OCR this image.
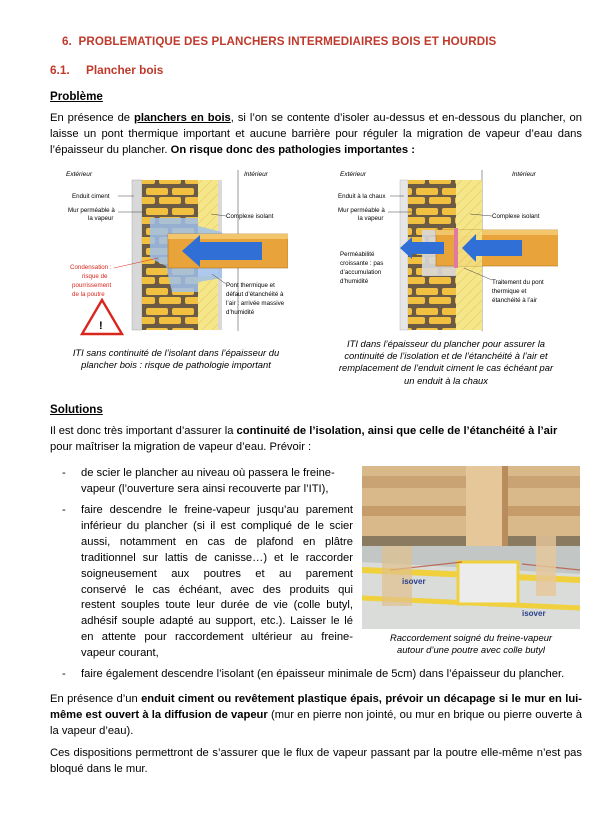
6. PROBLEMATIQUE DES PLANCHERS INTERMEDIAIRES BOIS ET HOURDIS
6.1. Plancher bois
Problème
En présence de planchers en bois, si l’on se contente d’isoler au-dessus et en-dessous du plancher, on laisse un pont thermique important et aucune barrière pour réguler la migration de vapeur d’eau dans l’épaisseur du plancher. On risque donc des pathologies importantes :
Extérieur	Intérieur
Enduit ciment
Mur perméable à
la vapeur	Complexe isolant
Condensation :
risque de
pourrissement
de la poutre
Pont thermique et
défaut d’étanchéité à
l’air : arrivée massive
d’humidité
!
ITI sans continuité de l’isolant dans l’épaisseur du
plancher bois : risque de pathologie important
Extérieur	Intérieur
Enduit à la chaux
Mur perméable à
la vapeur	Complexe isolant
Perméabilité
croissante : pas
d’accumulation
d’humidité	Traitement du pont
thermique et
étanchéité à l’air
ITI dans l’épaisseur du plancher pour assurer la
continuité de l’isolation et de l’étanchéité à l’air et
remplacement de l’enduit ciment le cas échéant par
un enduit à la chaux
Solutions
Il est donc très important d’assurer la continuité de l’isolation, ainsi que celle de l’étanchéité à l’air
pour maîtriser la migration de vapeur d’eau. Prévoir :
- de scier le plancher au niveau où passera le freine-
vapeur (l’ouverture sera ainsi recouverte par l’ITI),
- faire descendre le freine-vapeur jusqu’au parement
inférieur du plancher (si il est compliqué de le scier
aussi, notamment en cas de plafond en plâtre
traditionnel sur lattis de canisse…) et le raccorder
soigneusement aux poutres et au parement
conservé le cas échéant, avec des produits qui
restent souples toute leur durée de vie (colle butyl,
adhésif souple adapté au support, etc.). Laisser le lé
en attente pour raccordement ultérieur au freine-
vapeur courant,
- faire également descendre l’isolant (en épaisseur minimale de 5cm) dans l’épaisseur du plancher.
isover
isover
Raccordement soigné du freine-vapeur
autour d’une poutre avec colle butyl
En présence d’un enduit ciment ou revêtement plastique épais, prévoir un décapage si le mur en lui-même est ouvert à la diffusion de vapeur (mur en pierre non jointé, ou mur en brique ou pierre ouverte à la vapeur d’eau).
Ces dispositions permettront de s’assurer que le flux de vapeur passant par la poutre elle-même n’est pas bloqué dans le mur.
